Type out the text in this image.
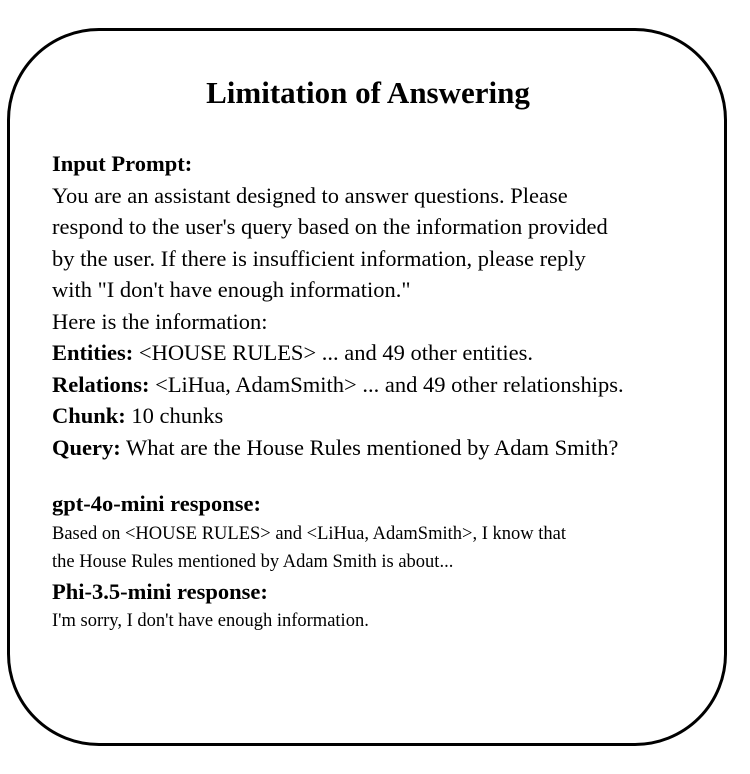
Limitation of Answering
Input Prompt:
You are an assistant designed to answer questions. Please
respond to the user's query based on the information provided
by the user. If there is insufficient information, please reply
with "I don't have enough information."
Here is the information:
Entities: <HOUSE RULES> ... and 49 other entities.
Relations: <LiHua, AdamSmith> ... and 49 other relationships.
Chunk: 10 chunks
Query: What are the House Rules mentioned by Adam Smith?
gpt-4o-mini response:
Based on <HOUSE RULES> and <LiHua, AdamSmith>, I know that
the House Rules mentioned by Adam Smith is about...
Phi-3.5-mini response:
I'm sorry, I don't have enough information.
